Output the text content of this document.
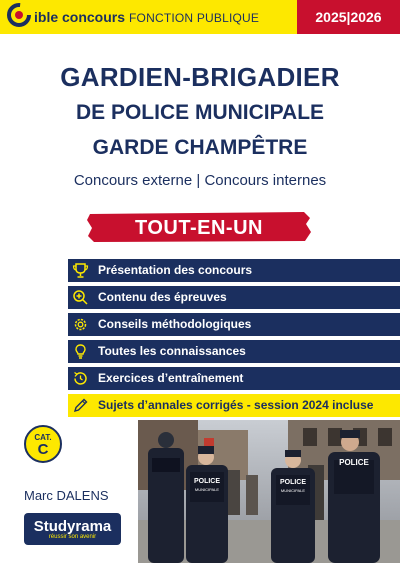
ible concours FONCTION PUBLIQUE	2025|2026
GARDIEN-BRIGADIER
DE POLICE MUNICIPALE
GARDE CHAMPÊTRE
Concours externe | Concours internes
TOUT-EN-UN
Présentation des concours
Contenu des épreuves
Conseils méthodologiques
Toutes les connaissances
Exercices d’entraînement
Sujets d’annales corrigés - session 2024 incluse
CAT.
C
Marc DALENS
Studyrama
réussir son avenir
POLICE
MUNICIPALE
POLICE
MUNICIPALE
POLICE
